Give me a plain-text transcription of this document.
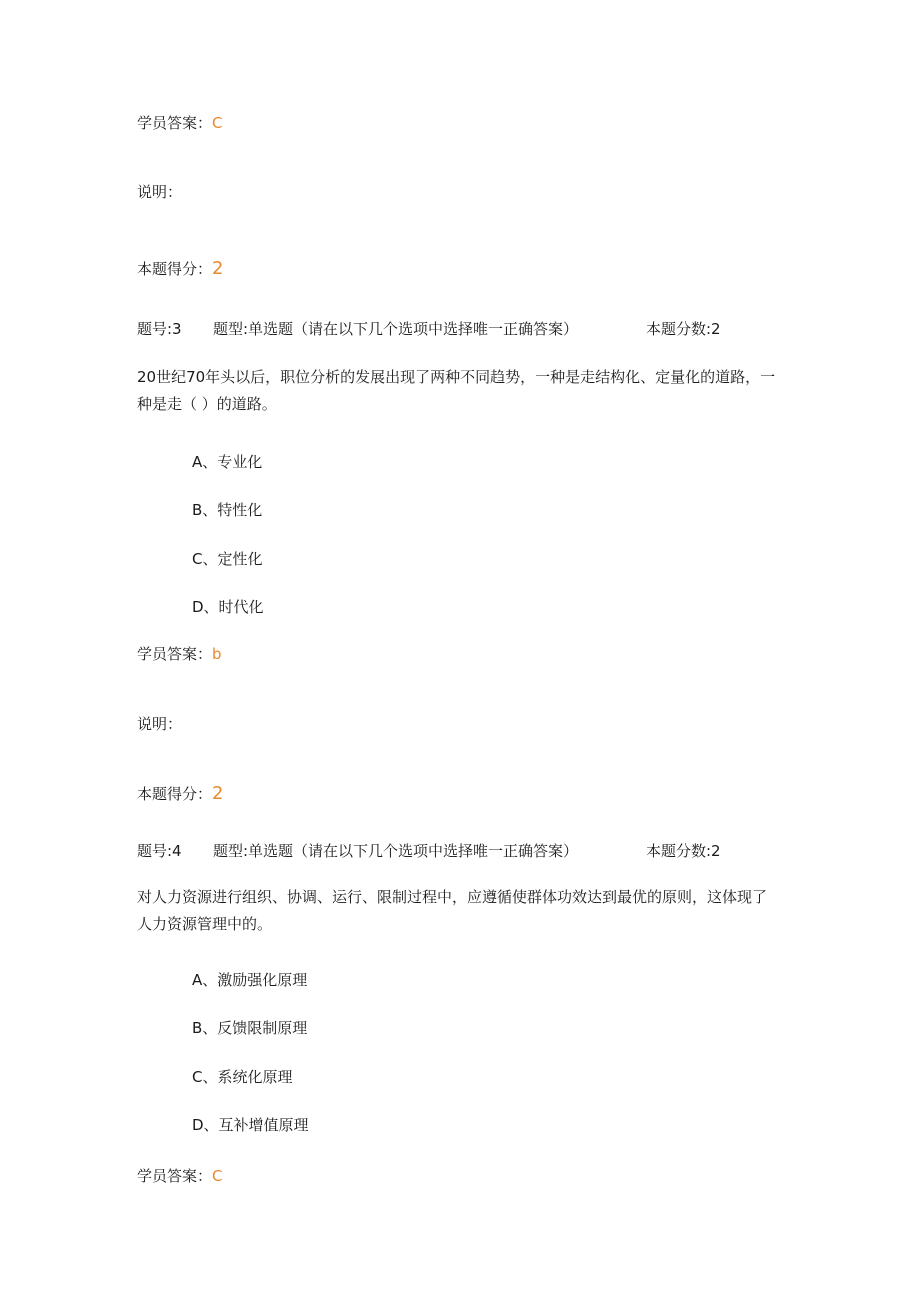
学员答案：C
说明：
本题得分：2
题号:3 题型:单选题（请在以下几个选项中选择唯一正确答案）	本题分数:2
20世纪70年头以后，职位分析的发展出现了两种不同趋势，一种是走结构化、定量化的道路，一种是走（ ）的道路。
A、专业化
B、特性化
C、定性化
D、时代化
学员答案：b
说明：
本题得分：2
题号:4 题型:单选题（请在以下几个选项中选择唯一正确答案）	本题分数:2
对人力资源进行组织、协调、运行、限制过程中，应遵循使群体功效达到最优的原则，这体现了人力资源管理中的。
A、激励强化原理
B、反馈限制原理
C、系统化原理
D、互补增值原理
学员答案：C
